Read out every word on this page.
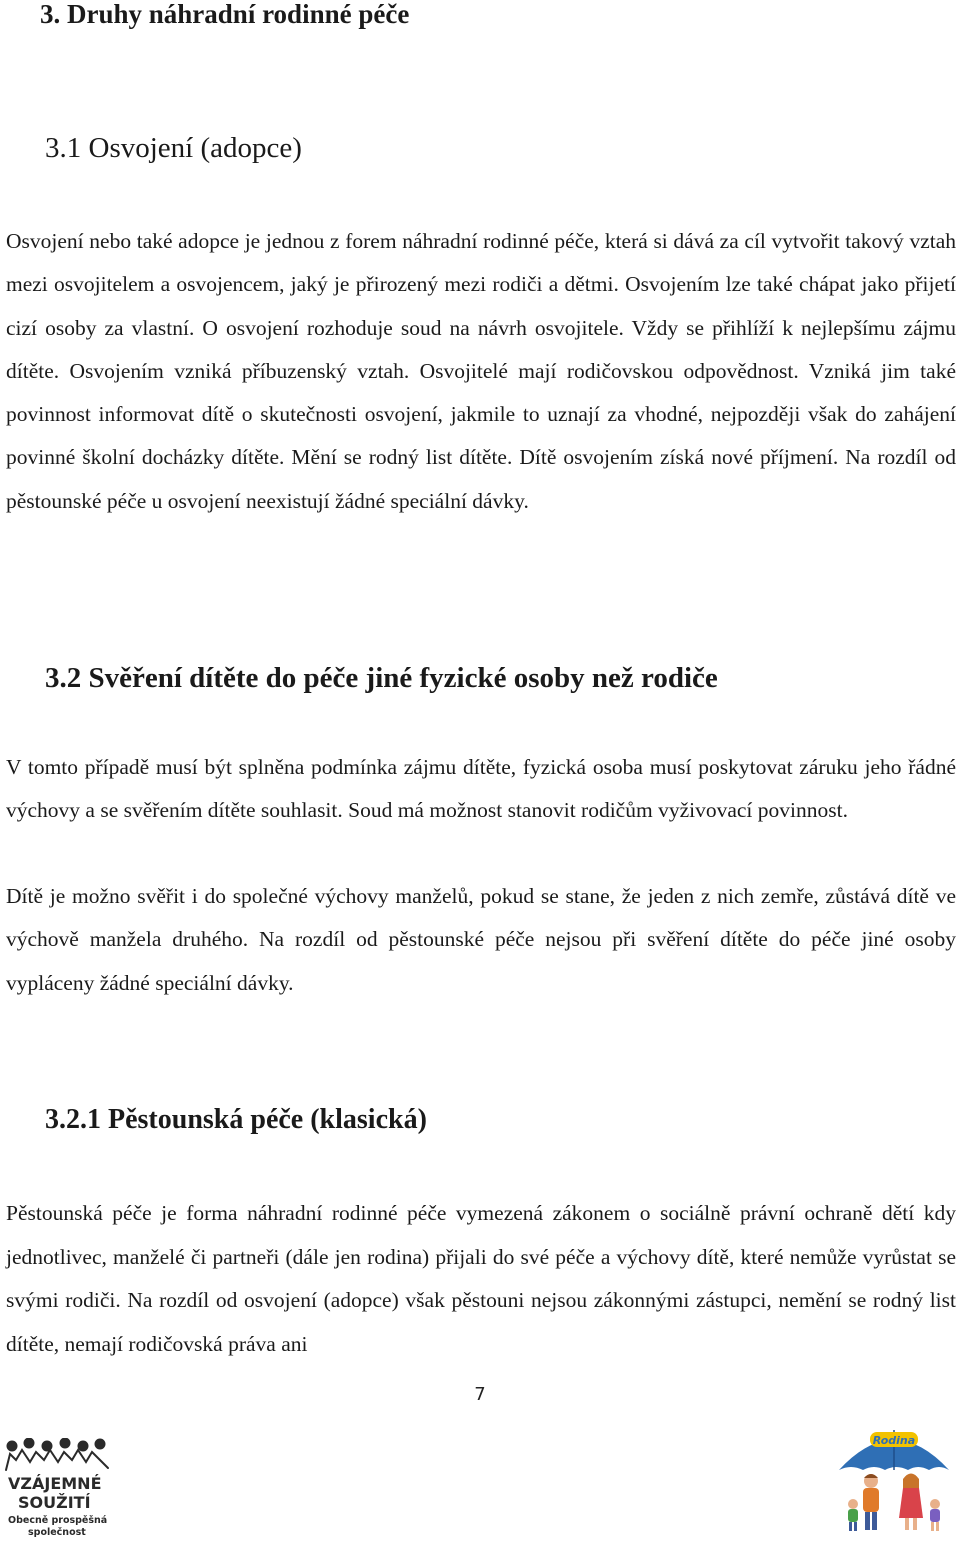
3. Druhy náhradní rodinné péče
3.1 Osvojení (adopce)

Osvojení nebo také adopce je jednou z forem náhradní rodinné péče, která si dává za cíl vytvořit takový vztah mezi osvojitelem a osvojencem, jaký je přirozený mezi rodiči a dětmi. Osvojením lze také chápat jako přijetí cizí osoby za vlastní. O osvojení rozhoduje soud na návrh osvojitele. Vždy se přihlíží k nejlepšímu zájmu dítěte. Osvojením vzniká příbuzenský vztah. Osvojitelé mají rodičovskou odpovědnost. Vzniká jim také povinnost informovat dítě o skutečnosti osvojení, jakmile to uznají za vhodné, nejpozději však do zahájení povinné školní docházky dítěte. Mění se rodný list dítěte. Dítě osvojením získá nové příjmení. Na rozdíl od pěstounské péče u osvojení neexistují žádné speciální dávky.

3.2 Svěření dítěte do péče jiné fyzické osoby než rodiče

V tomto případě musí být splněna podmínka zájmu dítěte, fyzická osoba musí poskytovat záruku jeho řádné výchovy a se svěřením dítěte souhlasit. Soud má možnost stanovit rodičům vyživovací povinnost.

Dítě je možno svěřit i do společné výchovy manželů, pokud se stane, že jeden z nich zemře, zůstává dítě ve výchově manžela druhého. Na rozdíl od pěstounské péče nejsou při svěření dítěte do péče jiné osoby vypláceny žádné speciální dávky.

3.2.1 Pěstounská péče (klasická)

Pěstounská péče je forma náhradní rodinné péče vymezená zákonem o sociálně právní ochraně dětí kdy jednotlivec, manželé či partneři (dále jen rodina) přijali do své péče a výchovy dítě, které nemůže vyrůstat se svými rodiči. Na rozdíl od osvojení (adopce) však pěstouni nejsou zákonnými zástupci, nemění se rodný list dítěte, nemají rodičovská práva ani

7
VZÁJEMNÉ
SOUŽITÍ
Obecně prospěšná
společnost
Rodina
